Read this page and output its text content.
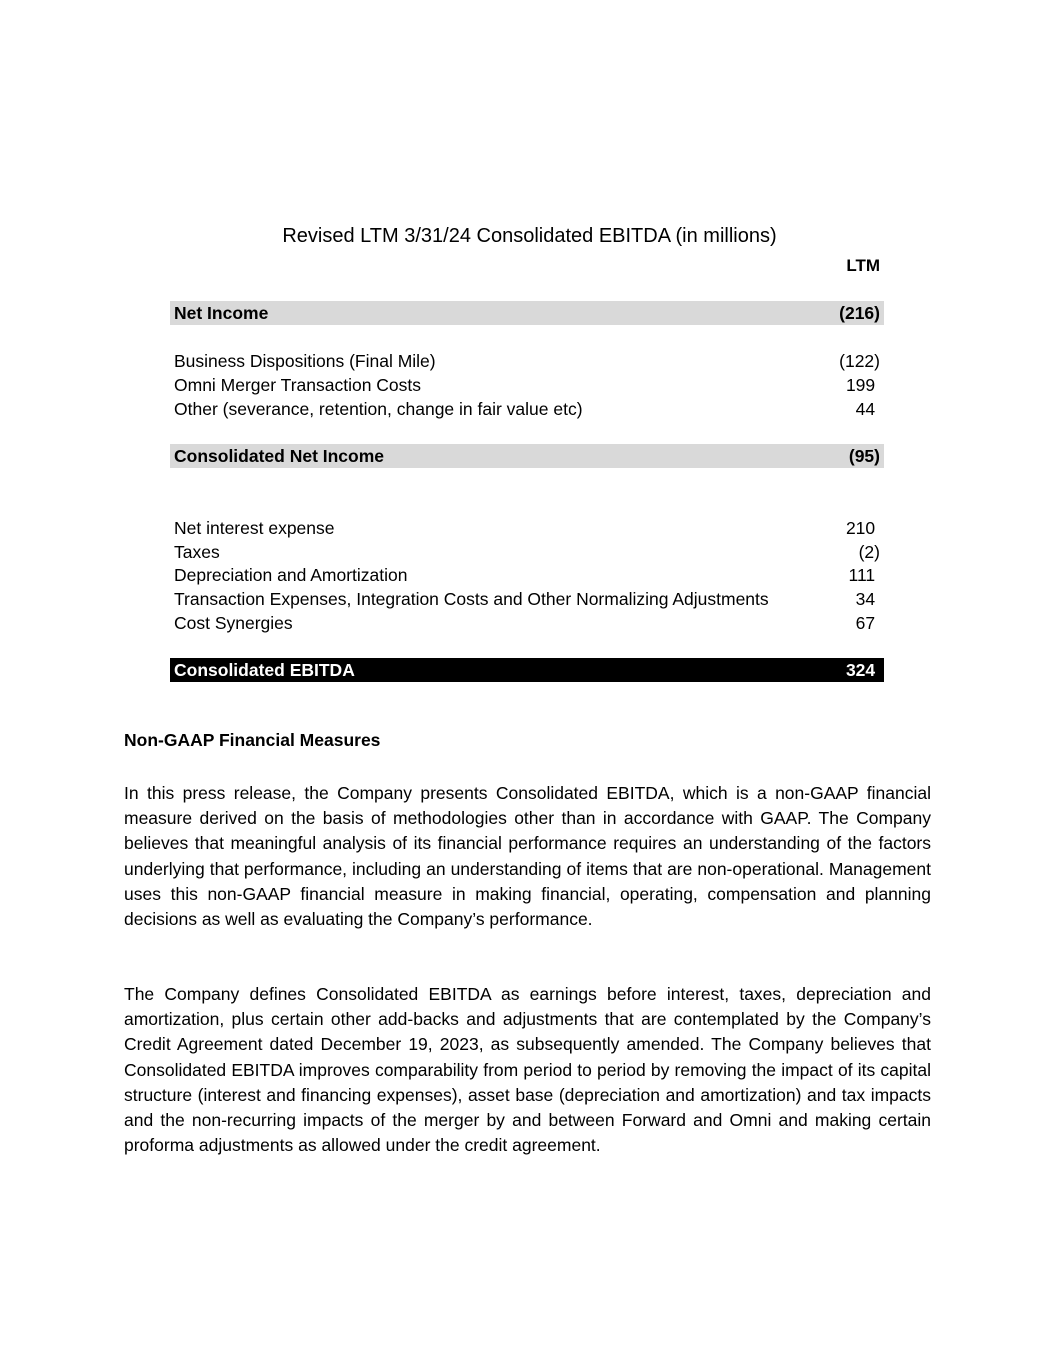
Revised LTM 3/31/24 Consolidated EBITDA (in millions)
LTM
Net Income	(216)
Business Dispositions (Final Mile)	(122)
Omni Merger Transaction Costs	199
Other (severance, retention, change in fair value etc)	44
Consolidated Net Income	(95)
Net interest expense	210
Taxes	(2)
Depreciation and Amortization	111
Transaction Expenses, Integration Costs and Other Normalizing Adjustments	34
Cost Synergies	67
Consolidated EBITDA	324
Non-GAAP Financial Measures
In this press release, the Company presents Consolidated EBITDA, which is a non-GAAP financial measure derived on the basis of methodologies other than in accordance with GAAP. The Company believes that meaningful analysis of its financial performance requires an understanding of the factors underlying that performance, including an understanding of items that are non-operational. Management uses this non-GAAP financial measure in making financial, operating, compensation and planning decisions as well as evaluating the Company’s performance.
The Company defines Consolidated EBITDA as earnings before interest, taxes, depreciation and amortization, plus certain other add-backs and adjustments that are contemplated by the Company’s Credit Agreement dated December 19, 2023, as subsequently amended. The Company believes that Consolidated EBITDA improves comparability from period to period by removing the impact of its capital structure (interest and financing expenses), asset base (depreciation and amortization) and tax impacts and the non-recurring impacts of the merger by and between Forward and Omni and making certain proforma adjustments as allowed under the credit agreement.
